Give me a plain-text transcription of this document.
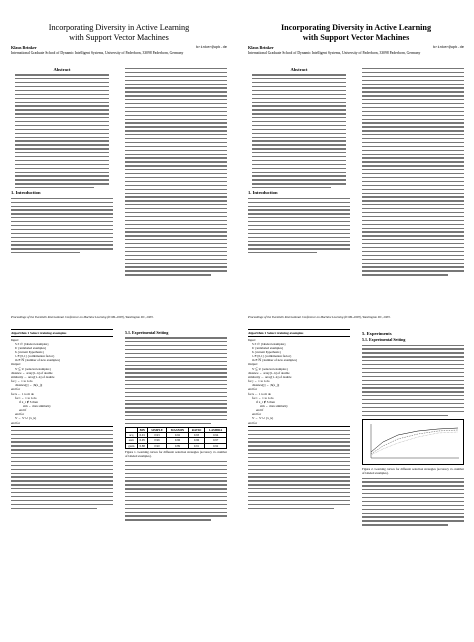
Incorporating Diversity in Active Learning
with Support Vector Machines
Klaus Brinker	brinker@upb.de
International Graduate School of Dynamic Intelligent Systems, University of Paderborn, 33098 Paderborn, Germany
Abstract
1. Introduction
Proceedings of the Twentieth International Conference on Machine Learning (ICML-2003), Washington DC, 2003.
Incorporating Diversity in Active Learning
with Support Vector Machines
Klaus Brinker	brinker@upb.de
International Graduate School of Dynamic Intelligent Systems, University of Paderborn, 33098 Paderborn, Germany
Abstract
1. Introduction
Proceedings of the Twentieth International Conference on Machine Learning (ICML-2003), Washington DC, 2003.
Algorithm 1 Select training examples
Input:
S ≠ ∅ {labeled examples}
U {unlabeled examples}
h {current hypothesis}
λ ∈ [0,1] {combination factor}
m ∈ ℕ {number of new examples}
Output:
S' ⊆ U {selected examples}
distance ← array[1..n] of double
similarity ← array[1..n] of double
for j ← 1 to n do
distance[j] ← |h(x_j)|
end for
for k ← 1 to m do
for i ← 1 to n do
if x_i ∉ S then
sim ← max similarity
end if
end for
S' ← S' ∪ {x_k}
end for
5.1. Experimental Setting
	BIN	SIMPLE	MAXMIN	RATIO	LAMBDA
acq	0.91	0.93	0.92	0.93	0.94
earn	0.95	0.96	0.96	0.96	0.97
grain	0.88	0.90	0.89	0.91	0.92
Figure 1. Learning curves for different selection strategies (accuracy vs. number of labeled examples).
Algorithm 1 Select training examples
Input:
S ≠ ∅ {labeled examples}
U {unlabeled examples}
h {current hypothesis}
λ ∈ [0,1] {combination factor}
m ∈ ℕ {number of new examples}
Output:
S' ⊆ U {selected examples}
distance ← array[1..n] of double
similarity ← array[1..n] of double
for j ← 1 to n do
distance[j] ← |h(x_j)|
end for
for k ← 1 to m do
for i ← 1 to n do
if x_i ∉ S then
sim ← max similarity
end if
end for
S' ← S' ∪ {x_k}
end for
5. Experiments
5.1. Experimental Setting
Figure 2. Learning curves for different selection strategies (accuracy vs. number of labeled examples).
